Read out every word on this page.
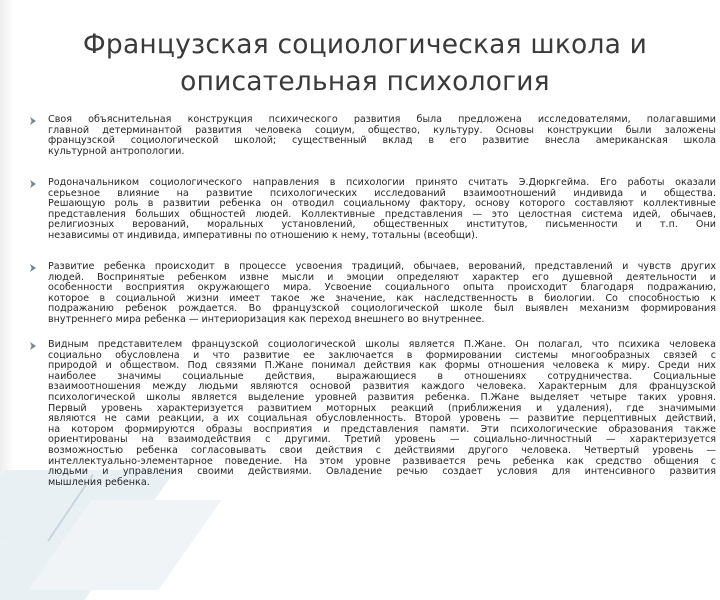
Французская социологическая школа и
описательная психология
Своя объяснительная конструкция психического развития была предложена исследователями, полагавшими
главной детерминантой развития человека социум, общество, культуру. Основы конструкции были заложены
французской социологической школой; существенный вклад в его развитие внесла американская школа
культурной антропологии.
Родоначальником социологического направления в психологии принято считать Э.Дюркгейма. Его работы оказали
серьезное влияние на развитие психологических исследований взаимоотношений индивида и общества.
Решающую роль в развитии ребенка он отводил социальному фактору, основу которого составляют коллективные
представления больших общностей людей. Коллективные представления — это целостная система идей, обычаев,
религиозных верований, моральных установлений, общественных институтов, письменности и т.п. Они
независимы от индивида, императивны по отношению к нему, тотальны (всеобщи).
Развитие ребенка происходит в процессе усвоения традиций, обычаев, верований, представлений и чувств других
людей. Воспринятые ребенком извне мысли и эмоции определяют характер его душевной деятельности и
особенности восприятия окружающего мира. Усвоение социального опыта происходит благодаря подражанию,
которое в социальной жизни имеет такое же значение, как наследственность в биологии. Со способностью к
подражанию ребенок рождается. Во французской социологической школе был выявлен механизм формирования
внутреннего мира ребенка — интериоризация как переход внешнего во внутреннее.
Видным представителем французской социологической школы является П.Жане. Он полагал, что психика человека
социально обусловлена и что развитие ее заключается в формировании системы многообразных связей с
природой и обществом. Под связями П.Жане понимал действия как формы отношения человека к миру. Среди них
наиболее значимы социальные действия, выражающиеся в отношениях сотрудничества. Социальные
взаимоотношения между людьми являются основой развития каждого человека. Характерным для французской
психологической школы является выделение уровней развития ребенка. П.Жане выделяет четыре таких уровня.
Первый уровень характеризуется развитием моторных реакций (приближения и удаления), где значимыми
являются не сами реакции, а их социальная обусловленность. Второй уровень — развитие перцептивных действий,
на котором формируются образы восприятия и представления памяти. Эти психологические образования также
ориентированы на взаимодействия с другими. Третий уровень — социально-личностный — характеризуется
возможностью ребенка согласовывать свои действия с действиями другого человека. Четвертый уровень —
интеллектуально-элементарное поведение. На этом уровне развивается речь ребенка как средство общения с
людьми и управления своими действиями. Овладение речью создает условия для интенсивного развития
мышления ребенка.
